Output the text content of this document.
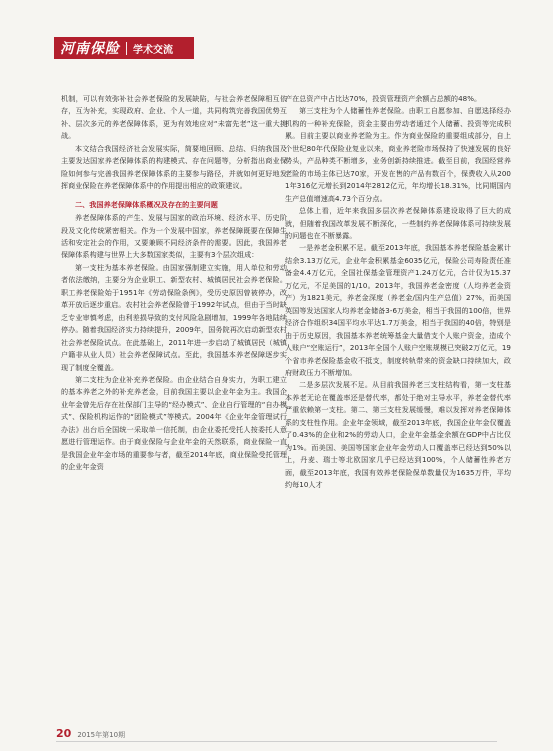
河南保险 学术交流

机制，可以有效弥补社会养老保险的发展缺陷，与社会养老保障相互依存，互为补充，实现政府、企业、个人一道，共同构筑完善我国优势互补、层次多元的养老保障体系，更为有效地应对“未富先老”这一重大挑战。

本文结合我国经济社会发展实际，简要地回顾、总结、归纳我国及主要发达国家养老保障体系的构建模式、存在问题等，分析指出商业保险如何参与完善我国养老保障体系的主要参与路径，并就如何更好地发挥商业保险在养老保障体系中的作用提出相应的政策建议。

二、我国养老保障体系概况及存在的主要问题

养老保障体系的产生、发展与国家的政治环境、经济水平、历史阶段及文化传统紧密相关。作为一个发展中国家，养老保障既要在保障生活和安定社会的作用，又要兼顾不同经济条件的需要。因此，我国养老保障体系构建与世界上大多数国家类似，主要有3个层次组成：

第一支柱为基本养老保险。由国家强制建立实施，用人单位和劳动者依法缴纳，主要分为企业职工、新型农村、城镇居民社会养老保险。职工养老保险始于1951年《劳动保险条例》，受历史原因曾被停办，改革开放后逐步重启。农村社会养老保险曾于1992年试点，但由于当时缺乏专业审慎考虑，由利差损导致的支付风险急剧增加，1999年各地陆续停办。随着我国经济实力持续提升，2009年，国务院再次启动新型农村社会养老保险试点。在此基础上，2011年进一步启动了城镇居民（城镇户籍非从业人员）社会养老保障试点。至此，我国基本养老保障逐步实现了制度全覆盖。

第二支柱为企业补充养老保险。由企业结合自身实力，为职工建立的基本养老之外的补充养老金，目前我国主要以企业年金为主。我国企业年金曾先后存在社保部门主导的“经办模式”、企业自行管理的“自办模式”、保险机构运作的“团险模式”等模式。2004年《企业年金管理试行办法》出台后全国统一采取单一信托制，由企业委托受托人按委托人意愿进行管理运作。由于商业保险与企业年金的天然联系，商业保险一直是我国企业年金市场的重要参与者，截至2014年底，商业保险受托管理的企业年金资

产在总资产中占比达70%，投资管理资产余额占总额的48%。

第三支柱为个人储蓄性养老保险。由职工自愿参加、自愿选择经办机构的一种补充保险，资金主要由劳动者通过个人储蓄、投资等完成积累。目前主要以商业养老险为主。作为商业保险的重要组成部分，自上个世纪80年代保险业复业以来，商业养老险市场保持了快速发展的良好势头，产品种类不断增多，业务创新持续推进。截至目前，我国经营养老险的市场主体已达70家，开发在售的产品有数百个，保费收入从2001年316亿元增长到2014年2812亿元，年均增长18.31%，比同期国内生产总值增速高4.73个百分点。

总体上看，近年来我国多层次养老保障体系建设取得了巨大的成就，但随着我国改革发展不断深化，一些制约养老保障体系可持续发展的问题也在不断暴露。

一是养老金积累不足。截至2013年底，我国基本养老保险基金累计结余3.13万亿元，企业年金积累基金6035亿元，保险公司寿险责任准备金4.4万亿元，全国社保基金管理资产1.24万亿元，合计仅为15.37万亿元，不足美国的1/10。2013年，我国养老金密度（人均养老金资产）为1821美元，养老金深度（养老金/国内生产总值）27%，而美国英国等发达国家人均养老金储备3-6万美金，相当于我国的100倍，世界经济合作组织34国平均水平达1.7万美金，相当于我国的40倍，特别是由于历史原因，我国基本养老统筹基金大量借支个人账户资金，造成个人账户“空账运行”，2013年全国个人账户空账规模已突破2万亿元，19个省市养老保险基金收不抵支，制度转轨带来的资金缺口持续加大，政府财政压力不断增加。

二是多层次发展不足。从目前我国养老三支柱结构看，第一支柱基本养老无论在覆盖率还是替代率，都处于绝对主导水平，养老金替代率严重依赖第一支柱。第二、第三支柱发展缓慢，难以发挥对养老保障体系的支柱性作用。企业年金领域，截至2013年底，我国企业年金仅覆盖了0.43%的企业和2%的劳动人口，企业年金基金余额在GDP中占比仅为1%。而美国、美国等国家企业年金劳动人口覆盖率已经达到50%以上，丹麦、瑞士等北欧国家几乎已经达到100%，个人储蓄性养老方面，截至2013年底，我国有效养老保险保单数量仅为1635万件，平均约每10人才

20 2015年第10期
